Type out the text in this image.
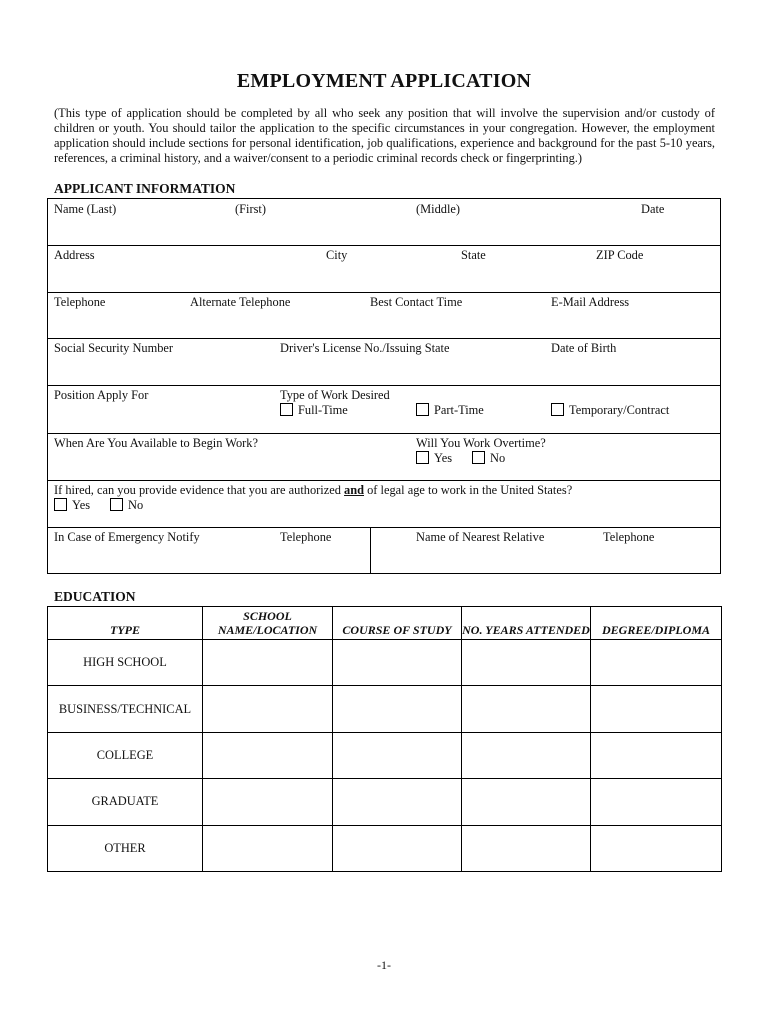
EMPLOYMENT APPLICATION
(This type of application should be completed by all who seek any position that will involve the supervision and/or custody of children or youth. You should tailor the application to the specific circumstances in your congregation. However, the employment application should include sections for personal identification, job qualifications, experience and background for the past 5-10 years, references, a criminal history, and a waiver/consent to a periodic criminal records check or fingerprinting.)
APPLICANT INFORMATION
Name (Last)	(First)	(Middle)	Date
Address	City	State	ZIP Code
Telephone	Alternate Telephone	Best Contact Time	E-Mail Address
Social Security Number	Driver's License No./Issuing State	Date of Birth
Position Apply For	Type of Work Desired
Full-Time	Part-Time	Temporary/Contract
When Are You Available to Begin Work?	Will You Work Overtime?
Yes	No
If hired, can you provide evidence that you are authorized and of legal age to work in the United States?
Yes	No
In Case of Emergency Notify	Telephone	Name of Nearest Relative	Telephone
EDUCATION
TYPE	SCHOOL NAME/LOCATION	COURSE OF STUDY	NO. YEARS ATTENDED	DEGREE/DIPLOMA
HIGH SCHOOL				
BUSINESS/TECHNICAL				
COLLEGE				
GRADUATE				
OTHER				
-1-
